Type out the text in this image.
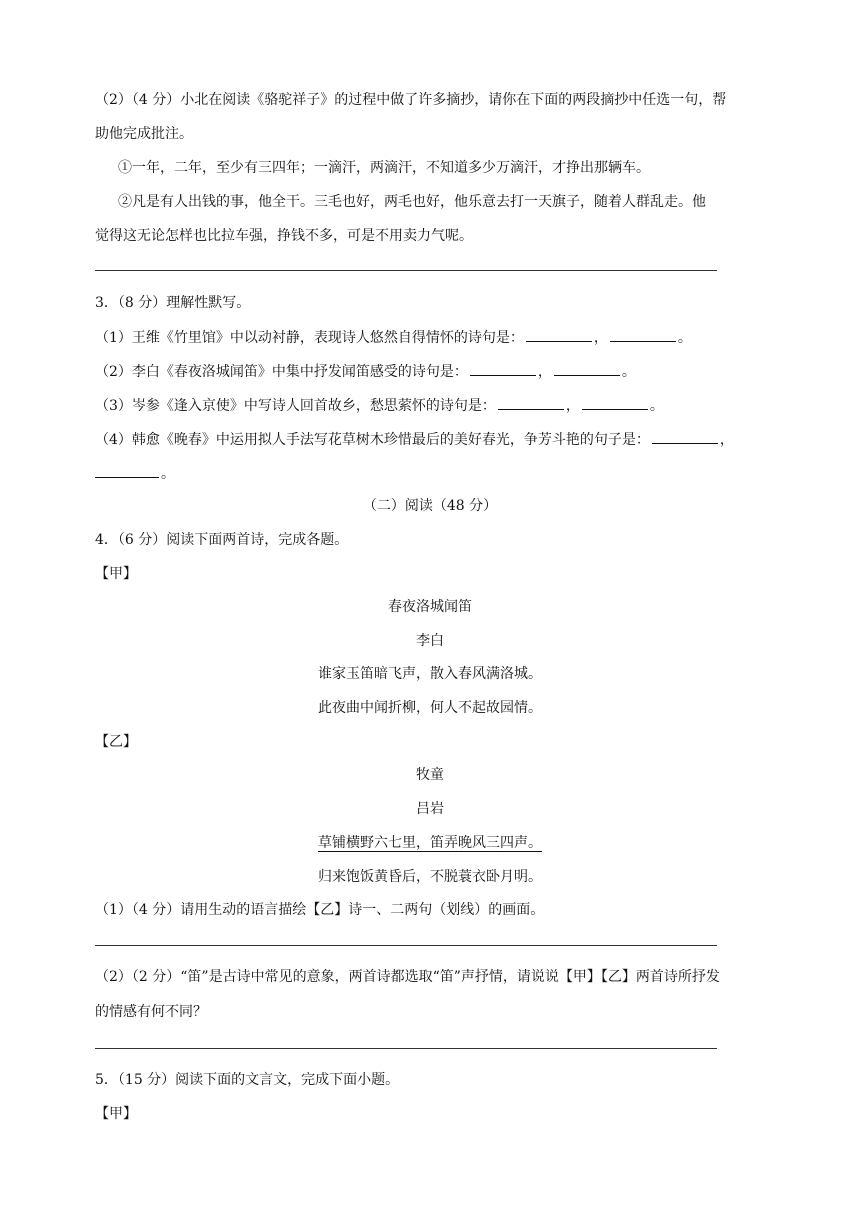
（2）（4 分）小北在阅读《骆驼祥子》的过程中做了许多摘抄，请你在下面的两段摘抄中任选一句，帮
助他完成批注。
①一年，二年，至少有三四年；一滴汗，两滴汗，不知道多少万滴汗，才挣出那辆车。
②凡是有人出钱的事，他全干。三毛也好，两毛也好，他乐意去打一天旗子，随着人群乱走。他
觉得这无论怎样也比拉车强，挣钱不多，可是不用卖力气呢。
3．（8 分）理解性默写。
（1）王维《竹里馆》中以动衬静，表现诗人悠然自得情怀的诗句是：	，	。
（2）李白《春夜洛城闻笛》中集中抒发闻笛感受的诗句是：	，	。
（3）岑参《逢入京使》中写诗人回首故乡，愁思萦怀的诗句是：	，	。
（4）韩愈《晚春》中运用拟人手法写花草树木珍惜最后的美好春光，争芳斗艳的句子是：	，
。
（二）阅读（48 分）
4．（6 分）阅读下面两首诗，完成各题。
【甲】
春夜洛城闻笛
李白
谁家玉笛暗飞声，散入春风满洛城。
此夜曲中闻折柳，何人不起故园情。
【乙】
牧童
吕岩
草铺横野六七里，笛弄晚风三四声。
归来饱饭黄昏后，不脱蓑衣卧月明。
（1）（4 分）请用生动的语言描绘【乙】诗一、二两句（划线）的画面。
（2）（2 分）“笛”是古诗中常见的意象，两首诗都选取“笛”声抒情，请说说【甲】【乙】两首诗所抒发
的情感有何不同？
5．（15 分）阅读下面的文言文，完成下面小题。
【甲】
